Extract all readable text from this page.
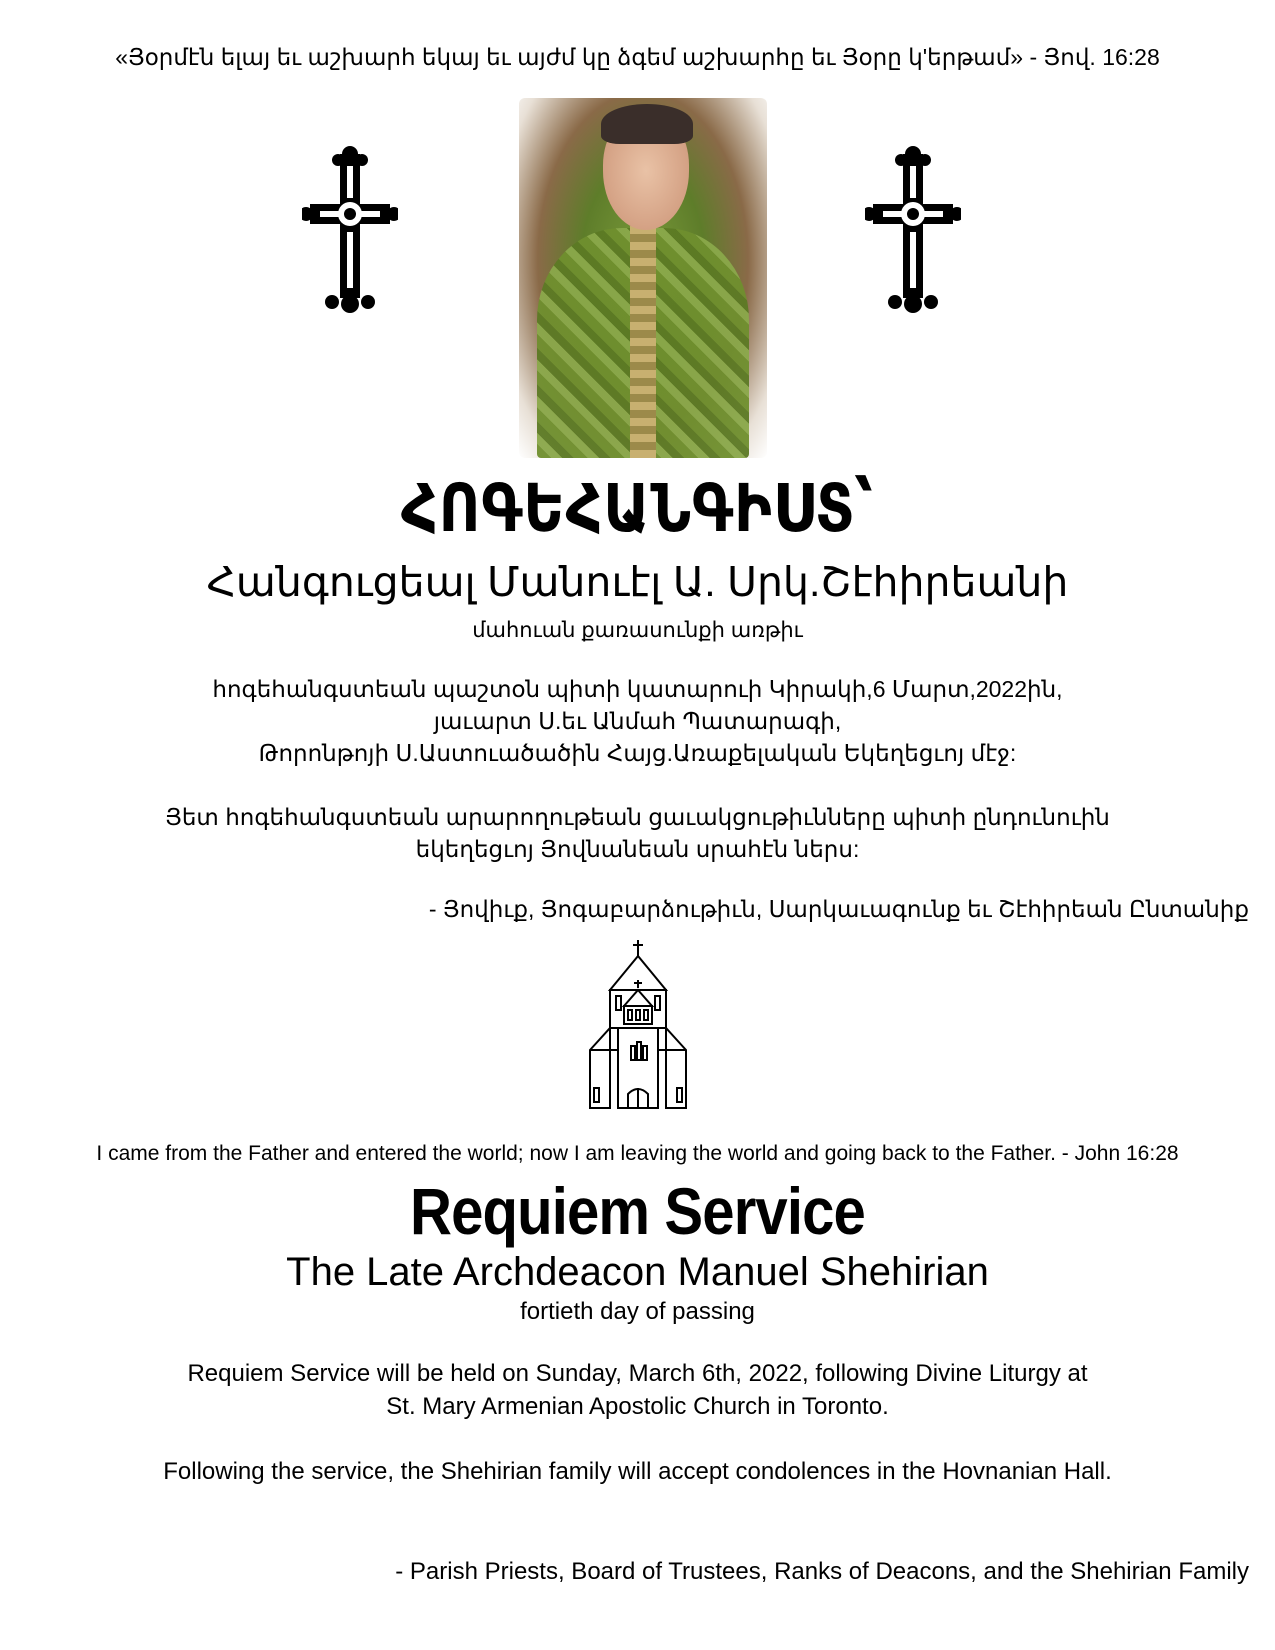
«Յօրմէն ելայ եւ աշխարհ եկայ եւ այժմ կը ձգեմ աշխարհը եւ Յօրը կ'երթամ» - Յով. 16:28
ՀՈԳԵՀԱՆԳԻՍՏ՝
Հանգուցեալ Մանուէլ Ա. Սրկ.Շէհիրեանի
մահուան քառասունքի առթիւ
հոգեհանգստեան պաշտօն պիտի կատարուի Կիրակի,6 Մարտ,2022ին,
յաւարտ Ս.եւ Անմահ Պատարագի,
Թորոնթոյի Ս.Աստուածածին Հայց.Առաքելական Եկեղեցւոյ մէջ:
Յետ հոգեհանգստեան արարողութեան ցաւակցութիւնները պիտի ընդունուին
եկեղեցւոյ Յովնանեան սրահէն ներս:
- Յովիւք, Յոգաբարձութիւն, Սարկաւագունք եւ Շէհիրեան Ընտանիք
I came from the Father and entered the world; now I am leaving the world and going back to the Father. - John 16:28
Requiem Service
The Late Archdeacon Manuel Shehirian
fortieth day of passing
Requiem Service will be held on Sunday, March 6th, 2022, following Divine Liturgy at
St. Mary Armenian Apostolic Church in Toronto.
Following the service, the Shehirian family will accept condolences in the Hovnanian Hall.
- Parish Priests, Board of Trustees, Ranks of Deacons, and the Shehirian Family
